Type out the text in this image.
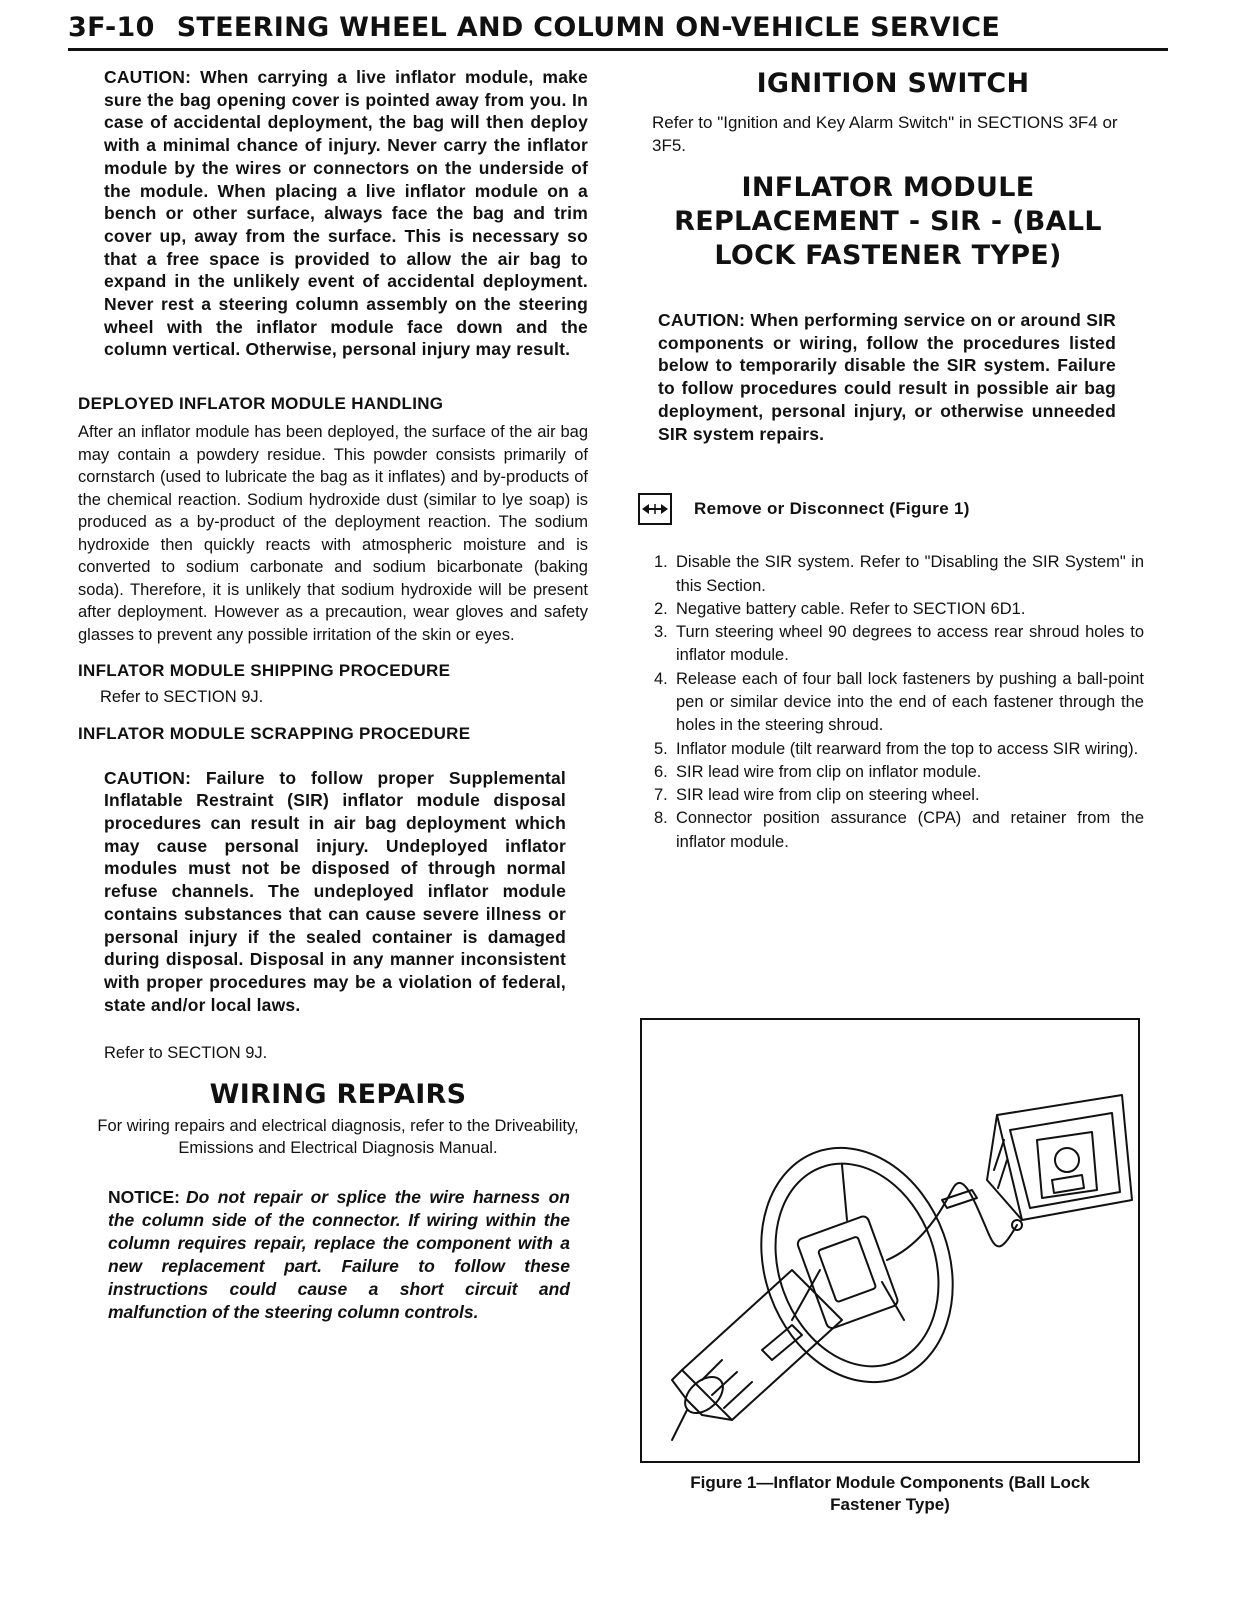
3F-10 STEERING WHEEL AND COLUMN ON-VEHICLE SERVICE
CAUTION: When carrying a live inflator module, make sure the bag opening cover is pointed away from you. In case of accidental deployment, the bag will then deploy with a minimal chance of injury. Never carry the inflator module by the wires or connectors on the underside of the module. When placing a live inflator module on a bench or other surface, always face the bag and trim cover up, away from the surface. This is necessary so that a free space is provided to allow the air bag to expand in the unlikely event of accidental deployment. Never rest a steering column assembly on the steering wheel with the inflator module face down and the column vertical. Otherwise, personal injury may result.
DEPLOYED INFLATOR MODULE HANDLING
After an inflator module has been deployed, the surface of the air bag may contain a powdery residue. This powder consists primarily of cornstarch (used to lubricate the bag as it inflates) and by-products of the chemical reaction. Sodium hydroxide dust (similar to lye soap) is produced as a by-product of the deployment reaction. The sodium hydroxide then quickly reacts with atmospheric moisture and is converted to sodium carbonate and sodium bicarbonate (baking soda). Therefore, it is unlikely that sodium hydroxide will be present after deployment. However as a precaution, wear gloves and safety glasses to prevent any possible irritation of the skin or eyes.
INFLATOR MODULE SHIPPING PROCEDURE
Refer to SECTION 9J.
INFLATOR MODULE SCRAPPING PROCEDURE
CAUTION: Failure to follow proper Supplemental Inflatable Restraint (SIR) inflator module disposal procedures can result in air bag deployment which may cause personal injury. Undeployed inflator modules must not be disposed of through normal refuse channels. The undeployed inflator module contains substances that can cause severe illness or personal injury if the sealed container is damaged during disposal. Disposal in any manner inconsistent with proper procedures may be a violation of federal, state and/or local laws.
Refer to SECTION 9J.
WIRING REPAIRS
For wiring repairs and electrical diagnosis, refer to the Driveability, Emissions and Electrical Diagnosis Manual.
NOTICE: Do not repair or splice the wire harness on the column side of the connector. If wiring within the column requires repair, replace the component with a new replacement part. Failure to follow these instructions could cause a short circuit and malfunction of the steering column controls.
IGNITION SWITCH
Refer to "Ignition and Key Alarm Switch" in SECTIONS 3F4 or 3F5.
INFLATOR MODULE
REPLACEMENT - SIR - (BALL
LOCK FASTENER TYPE)
CAUTION: When performing service on or around SIR components or wiring, follow the procedures listed below to temporarily disable the SIR system. Failure to follow procedures could result in possible air bag deployment, personal injury, or otherwise unneeded SIR system repairs.
Remove or Disconnect (Figure 1)
1. Disable the SIR system. Refer to "Disabling the SIR System" in this Section.
2. Negative battery cable. Refer to SECTION 6D1.
3. Turn steering wheel 90 degrees to access rear shroud holes to inflator module.
4. Release each of four ball lock fasteners by pushing a ball-point pen or similar device into the end of each fastener through the holes in the steering shroud.
5. Inflator module (tilt rearward from the top to access SIR wiring).
6. SIR lead wire from clip on inflator module.
7. SIR lead wire from clip on steering wheel.
8. Connector position assurance (CPA) and retainer from the inflator module.
Figure 1—Inflator Module Components (Ball Lock
Fastener Type)
